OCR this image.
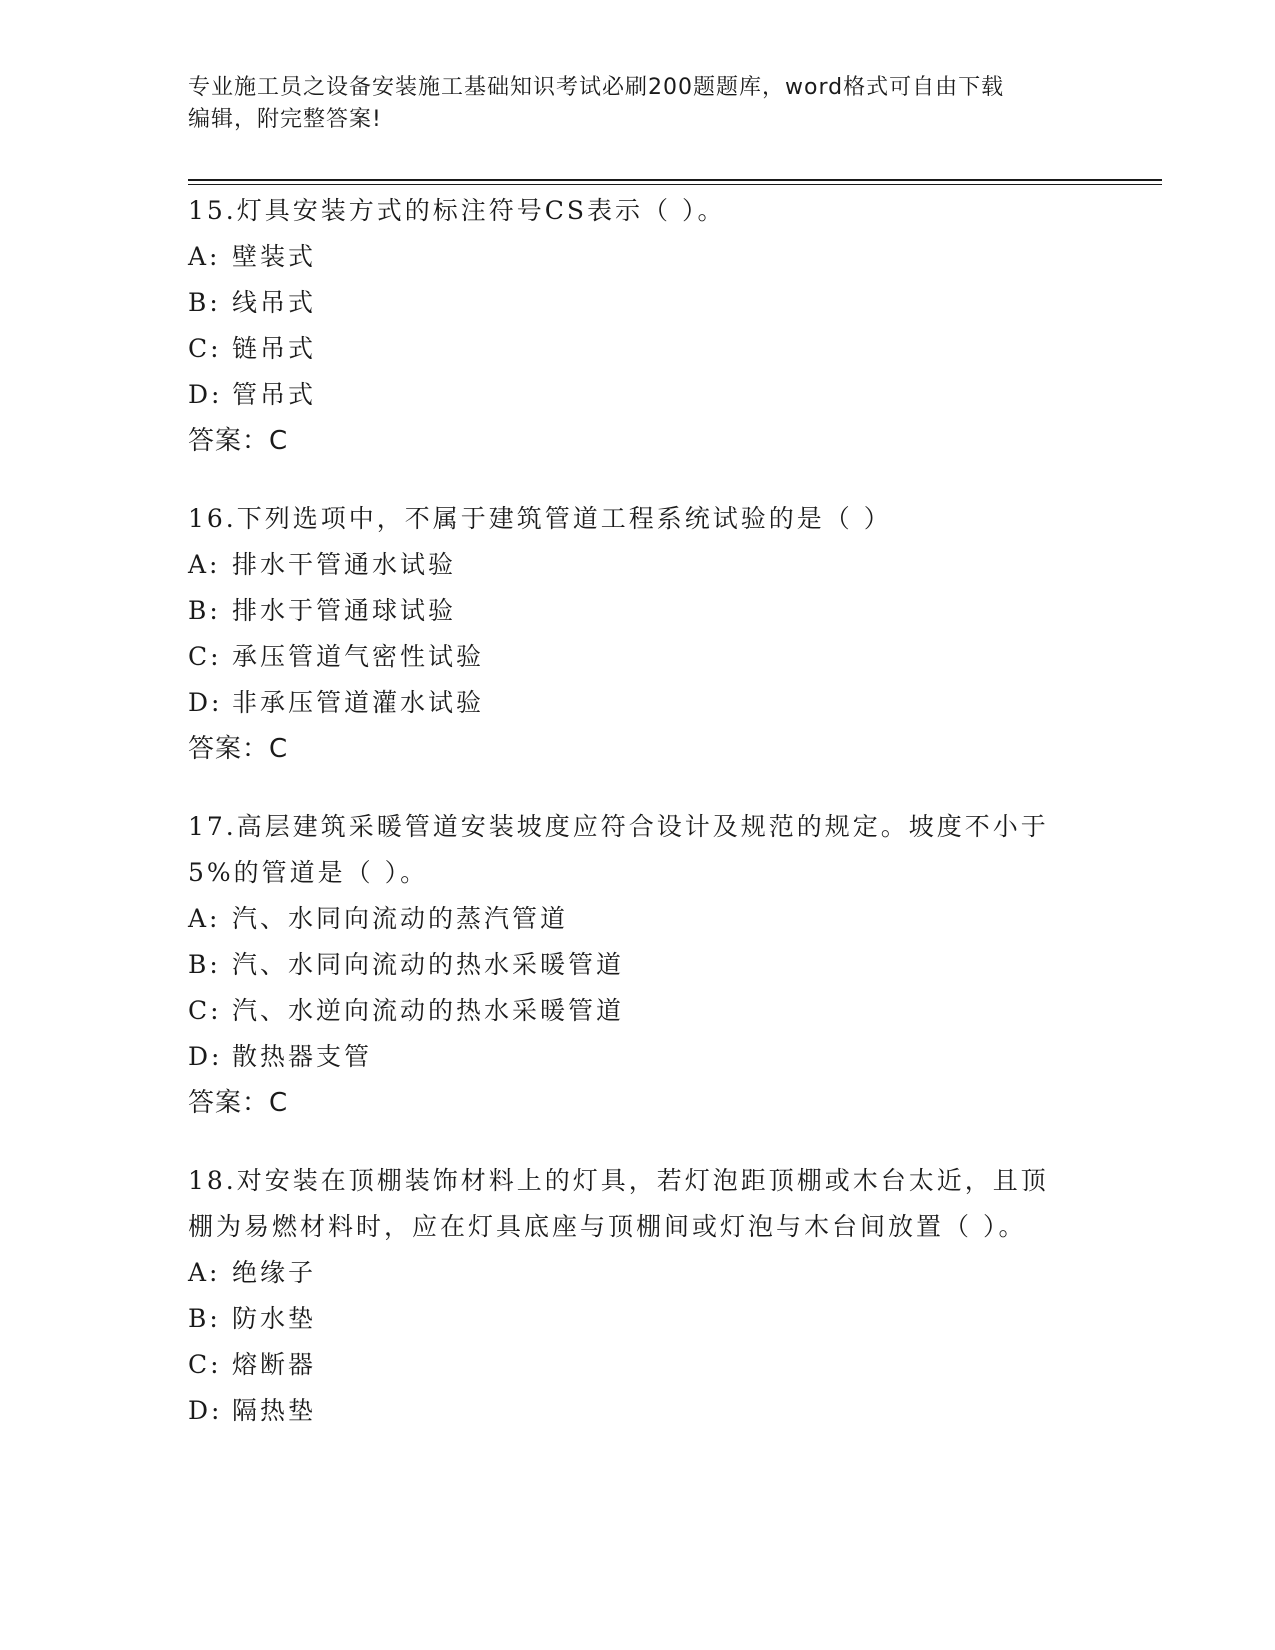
专业施工员之设备安装施工基础知识考试必刷200题题库，word格式可自由下载
编辑，附完整答案!
15.灯具安装方式的标注符号CS表示（ ）。
A: 壁装式
B: 线吊式
C: 链吊式
D: 管吊式
答案：C
16.下列选项中，不属于建筑管道工程系统试验的是（ ）
A: 排水干管通水试验
B: 排水于管通球试验
C: 承压管道气密性试验
D: 非承压管道灌水试验
答案：C
17.高层建筑采暖管道安装坡度应符合设计及规范的规定。坡度不小于
5%的管道是（ ）。
A: 汽、水同向流动的蒸汽管道
B: 汽、水同向流动的热水采暖管道
C: 汽、水逆向流动的热水采暖管道
D: 散热器支管
答案：C
18.对安装在顶棚装饰材料上的灯具，若灯泡距顶棚或木台太近，且顶
棚为易燃材料时，应在灯具底座与顶棚间或灯泡与木台间放置（ ）。
A: 绝缘子
B: 防水垫
C: 熔断器
D: 隔热垫
